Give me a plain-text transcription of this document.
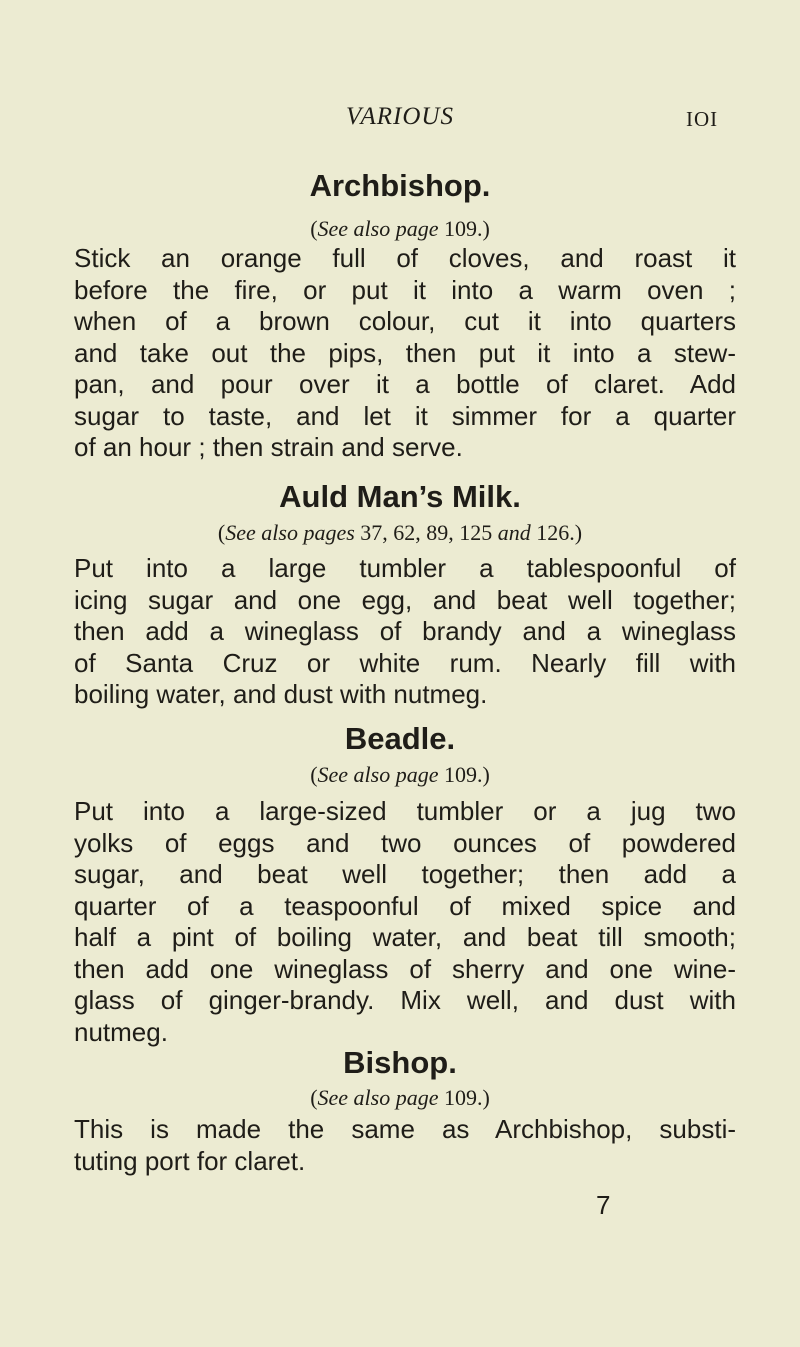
VARIOUS	IOI
Archbishop.
(See also page 109.)
Stick an orange full of cloves, and roast it
before the fire, or put it into a warm oven ;
when of a brown colour, cut it into quarters
and take out the pips, then put it into a stew-
pan, and pour over it a bottle of claret. Add
sugar to taste, and let it simmer for a quarter
of an hour ; then strain and serve.
Auld Man’s Milk.
(See also pages 37, 62, 89, 125 and 126.)
Put into a large tumbler a tablespoonful of
icing sugar and one egg, and beat well together;
then add a wineglass of brandy and a wineglass
of Santa Cruz or white rum. Nearly fill with
boiling water, and dust with nutmeg.
Beadle.
(See also page 109.)
Put into a large-sized tumbler or a jug two
yolks of eggs and two ounces of powdered
sugar, and beat well together; then add a
quarter of a teaspoonful of mixed spice and
half a pint of boiling water, and beat till smooth;
then add one wineglass of sherry and one wine-
glass of ginger-brandy. Mix well, and dust with
nutmeg.
Bishop.
(See also page 109.)
This is made the same as Archbishop, substi-
tuting port for claret.
7
